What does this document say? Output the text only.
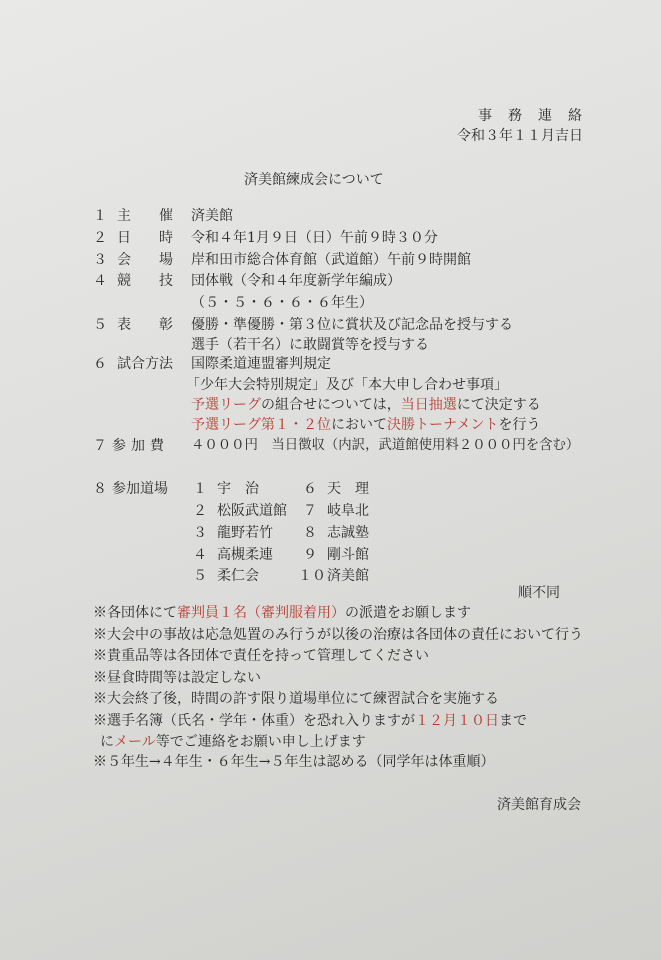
事　務　連　絡
令和３年１１月吉日
済美館練成会について
１ 主　　催 済美館
２ 日　　時 令和４年1月９日（日）午前９時３０分
３ 会　　場 岸和田市総合体育館（武道館）午前９時開館
４ 競　　技 団体戦（令和４年度新学年編成）
（５・５・６・６・６年生）
５ 表　　彰 優勝・準優勝・第３位に賞状及び記念品を授与する
選手（若干名）に敢闘賞等を授与する
６ 試合方法 国際柔道連盟審判規定
「少年大会特別規定」及び「本大申し合わせ事項」
予選リーグの組合せについては，当日抽選にて決定する
予選リーグ第１・２位において決勝トーナメントを行う
７ 参加費 ４０００円　当日徴収（内訳，武道館使用料２０００円を含む）
８ 参加道場 １ 宇　治
２ 松阪武道館
３ 龍野若竹
４ 高槻柔連
５ 柔仁会
６ 天　理
７ 岐阜北
８ 志誠塾
９ 剛斗館
１０ 済美館
順不同
※各団体にて審判員１名（審判服着用）の派遣をお願します
※大会中の事故は応急処置のみ行うが以後の治療は各団体の責任において行う
※貴重品等は各団体で責任を持って管理してください
※昼食時間等は設定しない
※大会終了後，時間の許す限り道場単位にて練習試合を実施する
※選手名簿（氏名・学年・体重）を恐れ入りますが１２月１０日まで
にメール等でご連絡をお願い申し上げます
※５年生→４年生・６年生→５年生は認める（同学年は体重順）
済美館育成会
